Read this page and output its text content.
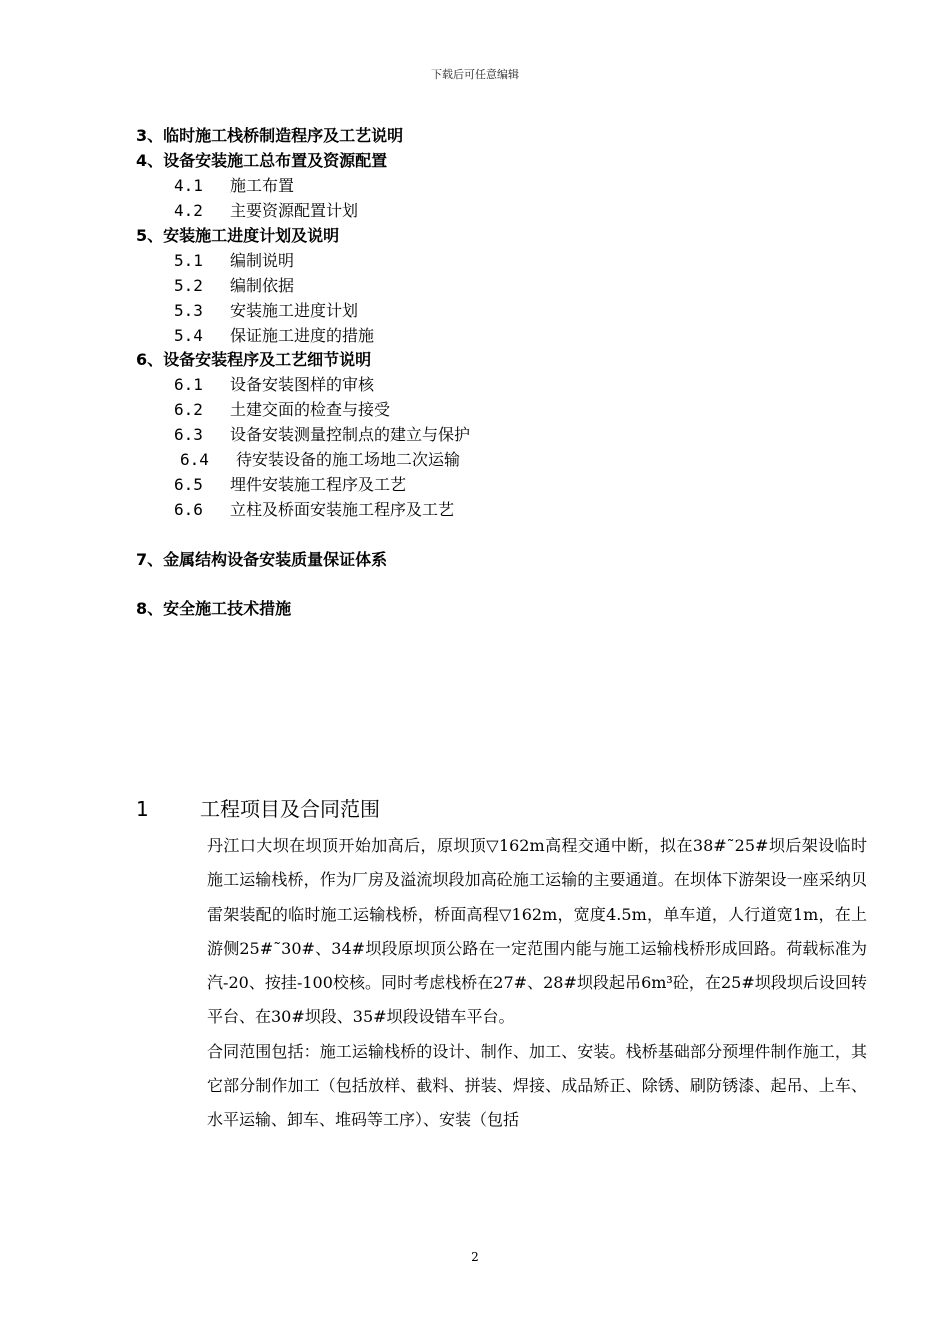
下载后可任意编辑
3、临时施工栈桥制造程序及工艺说明
4、设备安装施工总布置及资源配置
4.1 施工布置
4.2 主要资源配置计划
5、安装施工进度计划及说明
5.1 编制说明
5.2 编制依据
5.3 安装施工进度计划
5.4 保证施工进度的措施
6、设备安装程序及工艺细节说明
6.1 设备安装图样的审核
6.2 土建交面的检查与接受
6.3 设备安装测量控制点的建立与保护
6.4 待安装设备的施工场地二次运输
6.5 埋件安装施工程序及工艺
6.6 立柱及桥面安装施工程序及工艺
7、金属结构设备安装质量保证体系
8、安全施工技术措施
1	工程项目及合同范围

丹江口大坝在坝顶开始加高后，原坝顶▽162m高程交通中断，拟在38#˜25#坝后架设临时施工运输栈桥，作为厂房及溢流坝段加高砼施工运输的主要通道。在坝体下游架设一座采纳贝雷架装配的临时施工运输栈桥，桥面高程▽162m，宽度4.5m，单车道，人行道宽1m，在上游侧25#˜30#、34#坝段原坝顶公路在一定范围内能与施工运输栈桥形成回路。荷载标准为汽-20、按挂-100校核。同时考虑栈桥在27#、28#坝段起吊6m³砼，在25#坝段坝后设回转平台、在30#坝段、35#坝段设错车平台。

合同范围包括：施工运输栈桥的设计、制作、加工、安装。栈桥基础部分预埋件制作施工，其它部分制作加工（包括放样、截料、拼装、焊接、成品矫正、除锈、刷防锈漆、起吊、上车、水平运输、卸车、堆码等工序）、安装（包括

2
